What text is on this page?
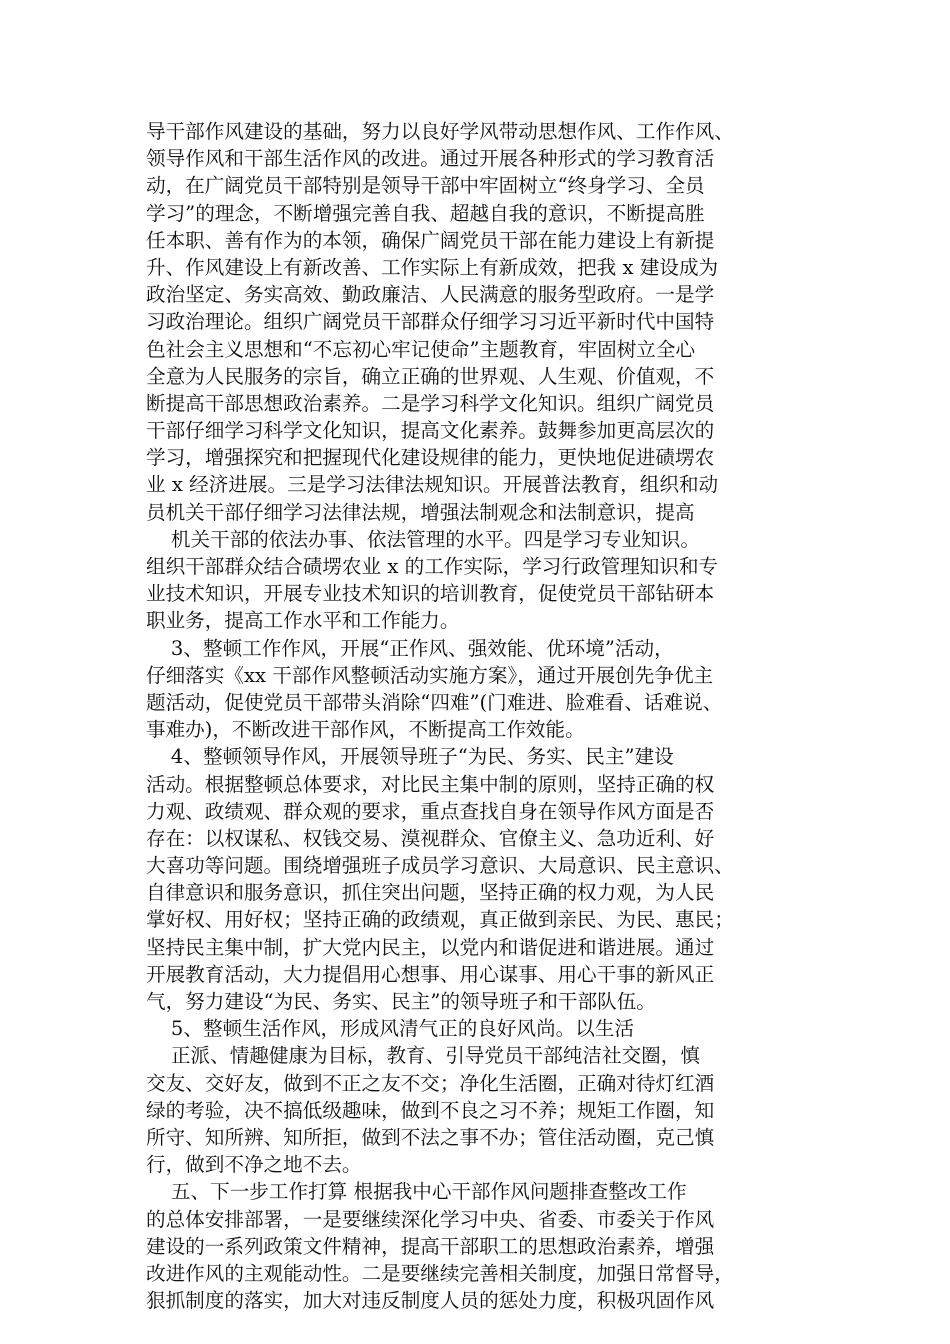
导干部作风建设的基础，努力以良好学风带动思想作风、工作作风、
领导作风和干部生活作风的改进。通过开展各种形式的学习教育活
动，在广阔党员干部特别是领导干部中牢固树立“终身学习、全员
学习”的理念，不断增强完善自我、超越自我的意识，不断提高胜
任本职、善有作为的本领，确保广阔党员干部在能力建设上有新提
升、作风建设上有新改善、工作实际上有新成效，把我 x 建设成为
政治坚定、务实高效、勤政廉洁、人民满意的服务型政府。一是学
习政治理论。组织广阔党员干部群众仔细学习习近平新时代中国特
色社会主义思想和“不忘初心牢记使命”主题教育，牢固树立全心
全意为人民服务的宗旨，确立正确的世界观、人生观、价值观，不
断提高干部思想政治素养。二是学习科学文化知识。组织广阔党员
干部仔细学习科学文化知识，提高文化素养。鼓舞参加更高层次的
学习，增强探究和把握现代化建设规律的能力，更快地促进碛塄农
业 x 经济进展。三是学习法律法规知识。开展普法教育，组织和动
员机关干部仔细学习法律法规，增强法制观念和法制意识，提高
机关干部的依法办事、依法管理的水平。四是学习专业知识。
组织干部群众结合碛塄农业 x 的工作实际，学习行政管理知识和专
业技术知识，开展专业技术知识的培训教育，促使党员干部钻研本
职业务，提高工作水平和工作能力。
3、整顿工作作风，开展“正作风、强效能、优环境”活动，
仔细落实《xx 干部作风整顿活动实施方案》，通过开展创先争优主
题活动，促使党员干部带头消除“四难”(门难进、脸难看、话难说、
事难办)，不断改进干部作风，不断提高工作效能。
4、整顿领导作风，开展领导班子“为民、务实、民主”建设
活动。根据整顿总体要求，对比民主集中制的原则，坚持正确的权
力观、政绩观、群众观的要求，重点查找自身在领导作风方面是否
存在：以权谋私、权钱交易、漠视群众、官僚主义、急功近利、好
大喜功等问题。围绕增强班子成员学习意识、大局意识、民主意识、
自律意识和服务意识，抓住突出问题，坚持正确的权力观，为人民
掌好权、用好权；坚持正确的政绩观，真正做到亲民、为民、惠民；
坚持民主集中制，扩大党内民主，以党内和谐促进和谐进展。通过
开展教育活动，大力提倡用心想事、用心谋事、用心干事的新风正
气，努力建设“为民、务实、民主”的领导班子和干部队伍。
5、整顿生活作风，形成风清气正的良好风尚。以生活
正派、情趣健康为目标，教育、引导党员干部纯洁社交圈，慎
交友、交好友，做到不正之友不交；净化生活圈，正确对待灯红酒
绿的考验，决不搞低级趣味，做到不良之习不养；规矩工作圈，知
所守、知所辨、知所拒，做到不法之事不办；管住活动圈，克己慎
行，做到不净之地不去。
五、下一步工作打算 根据我中心干部作风问题排查整改工作
的总体安排部署，一是要继续深化学习中央、省委、市委关于作风
建设的一系列政策文件精神，提高干部职工的思想政治素养，增强
改进作风的主观能动性。二是要继续完善相关制度，加强日常督导，
狠抓制度的落实，加大对违反制度人员的惩处力度，积极巩固作风
